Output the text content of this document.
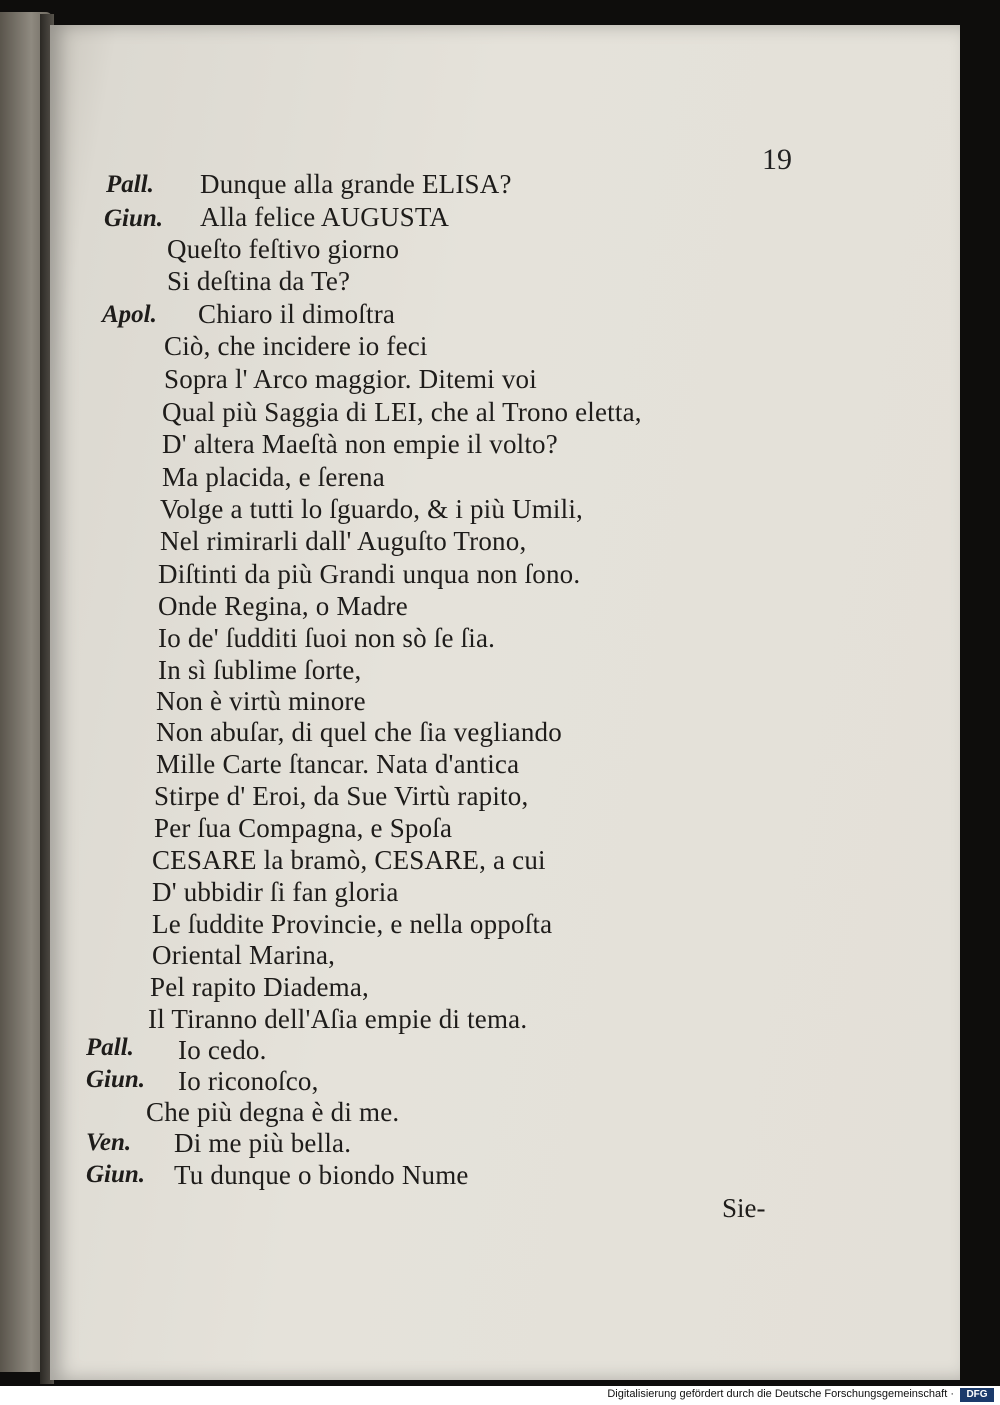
19
Pall.
Giun.
Apol.
Pall.
Giun.
Ven.
Giun.
Dunque alla grande ELISA?
Alla felice AUGUSTA
Queſto feſtivo giorno
Si deſtina da Te?
Chiaro il dimoſtra
Ciò, che incidere io feci
Sopra l' Arco maggior. Ditemi voi
Qual più Saggia di LEI, che al Trono eletta,
D' altera Maeſtà non empie il volto?
Ma placida, e ſerena
Volge a tutti lo ſguardo, & i più Umili,
Nel rimirarli dall' Auguſto Trono,
Diſtinti da più Grandi unqua non ſono.
Onde Regina, o Madre
Io de' ſudditi ſuoi non sò ſe ſia.
In sì ſublime ſorte,
Non è virtù minore
Non abuſar, di quel che ſia vegliando
Mille Carte ſtancar. Nata d'antica
Stirpe d' Eroi, da Sue Virtù rapito,
Per ſua Compagna, e Spoſa
CESARE la bramò, CESARE, a cui
D' ubbidir ſi fan gloria
Le ſuddite Provincie, e nella oppoſta
Oriental Marina,
Pel rapito Diadema,
Il Tiranno dell'Aſia empie di tema.
Io cedo.
Io riconoſco,
Che più degna è di me.
Di me più bella.
Tu dunque o biondo Nume
Sie-
Digitalisierung gefördert durch die Deutsche Forschungsgemeinschaft ·	DFG
